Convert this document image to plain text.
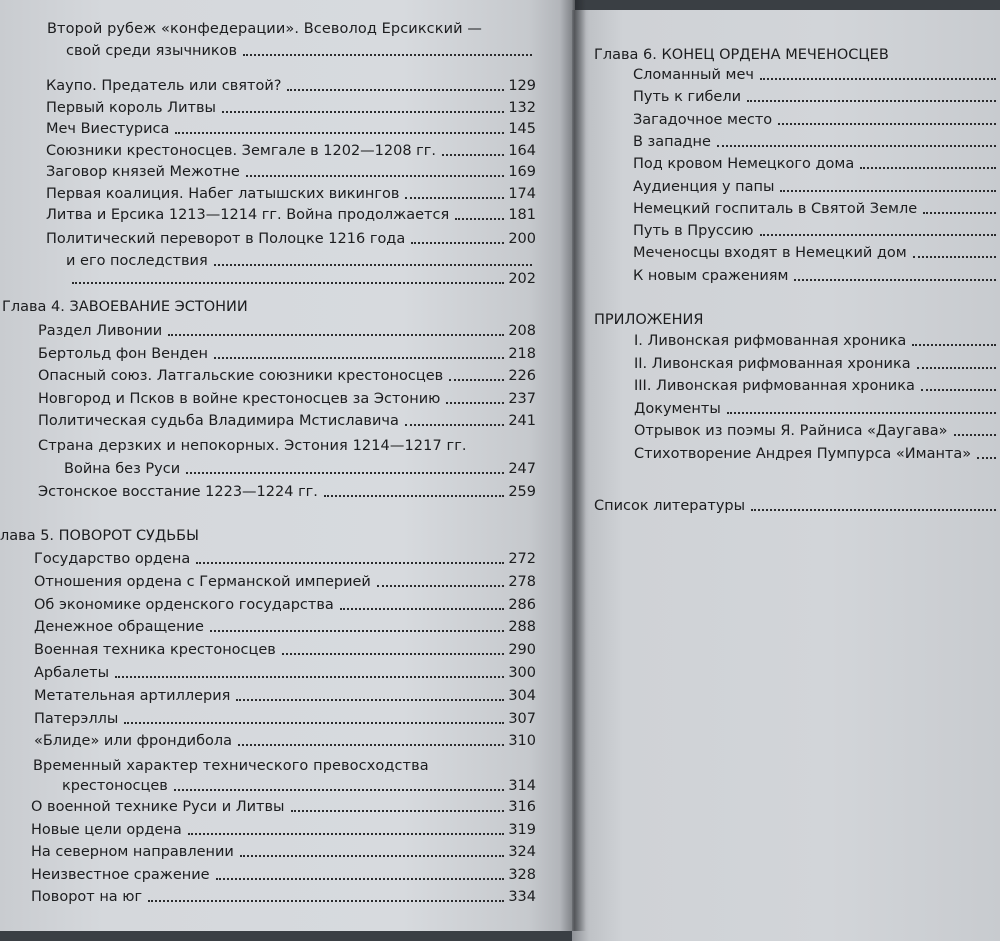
Второй рубеж «конфедерации». Всеволод Ерсикский —
свой среди язычников
Каупо. Предатель или святой?	129
Первый король Литвы	132
Меч Виестуриса	145
Союзники крестоносцев. Земгале в 1202—1208 гг.	164
Заговор князей Межотне	169
Первая коалиция. Набег латышских викингов	174
Литва и Ерсика 1213—1214 гг. Война продолжается	181
Политический переворот в Полоцке 1216 года	200
и его последствия
202
Глава 4. ЗАВОЕВАНИЕ ЭСТОНИИ
Раздел Ливонии	208
Бертольд фон Венден	218
Опасный союз. Латгальские союзники крестоносцев	226
Новгород и Псков в войне крестоносцев за Эстонию	237
Политическая судьба Владимира Мстиславича	241
Страна дерзких и непокорных. Эстония 1214—1217 гг.
Война без Руси	247
Эстонское восстание 1223—1224 гг.	259
лава 5. ПОВОРОТ СУДЬБЫ
Государство ордена	272
Отношения ордена с Германской империей	278
Об экономике орденского государства	286
Денежное обращение	288
Военная техника крестоносцев	290
Арбалеты	300
Метательная артиллерия	304
Патерэллы	307
«Блиде» или фрондибола	310
Временный характер технического превосходства
крестоносцев	314
О военной технике Руси и Литвы	316
Новые цели ордена	319
На северном направлении	324
Неизвестное сражение	328
Поворот на юг	334
Глава 6. КОНЕЦ ОРДЕНА МЕЧЕНОСЦЕВ
Сломанный меч
Путь к гибели
Загадочное место
В западне
Под кровом Немецкого дома
Аудиенция у папы
Немецкий госпиталь в Святой Земле
Путь в Пруссию
Меченосцы входят в Немецкий дом
К новым сражениям
ПРИЛОЖЕНИЯ
I. Ливонская рифмованная хроника
II. Ливонская рифмованная хроника
III. Ливонская рифмованная хроника
Документы
Отрывок из поэмы Я. Райниса «Даугава»
Стихотворение Андрея Пумпурса «Иманта»
Список литературы
